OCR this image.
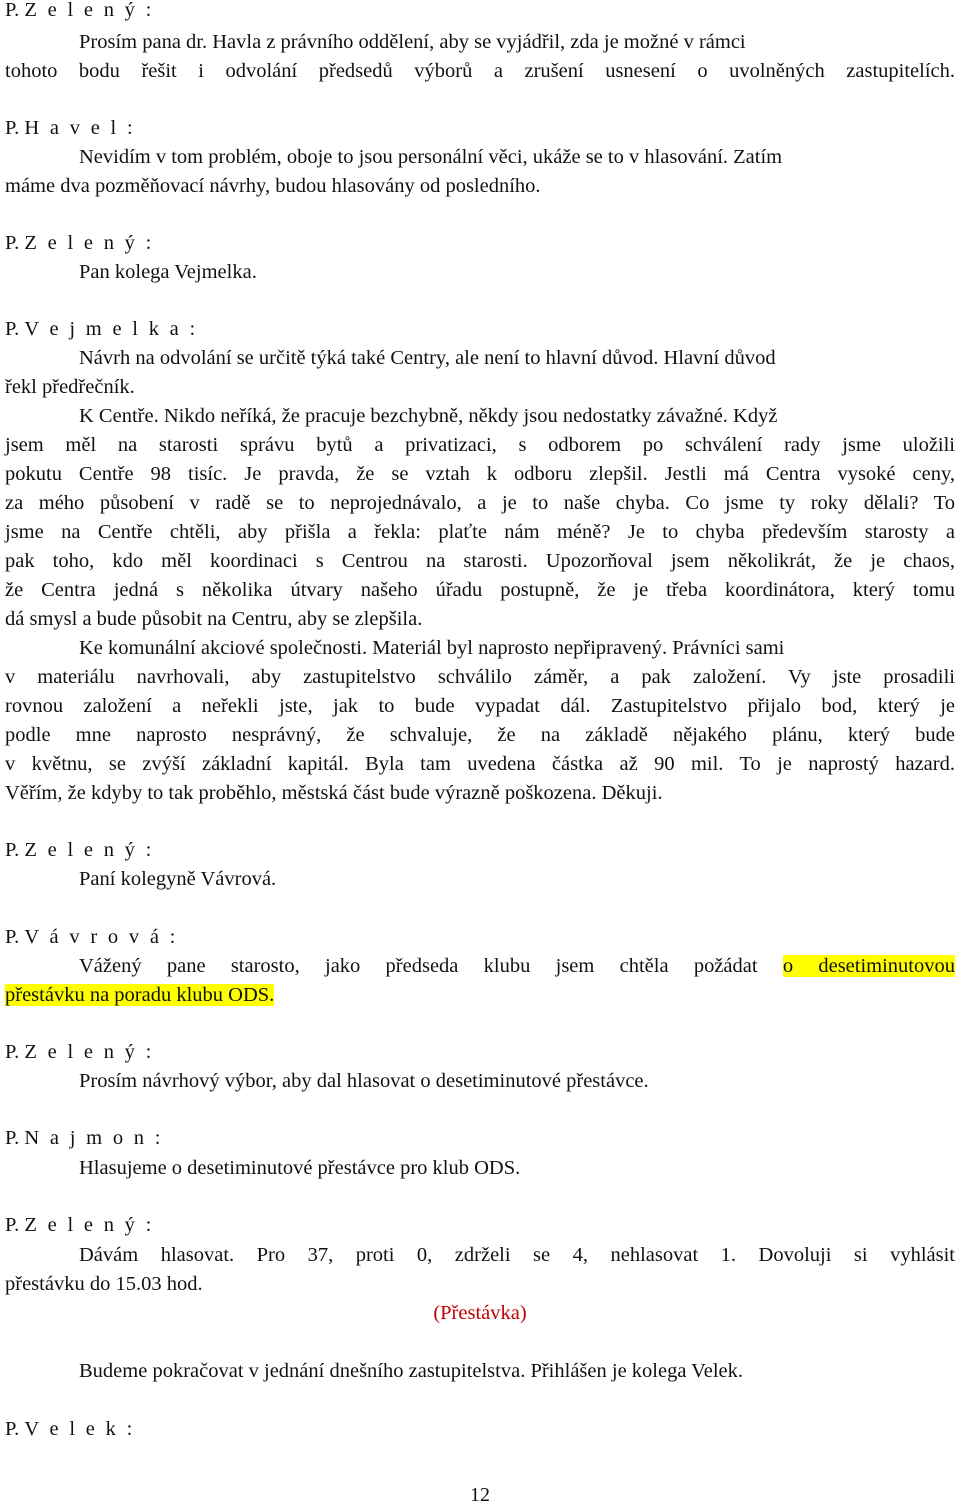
P. Z e l e n ý :
Prosím pana dr. Havla z právního oddělení, aby se vyjádřil, zda je možné v rámci
tohoto bodu řešit i odvolání předsedů výborů a zrušení usnesení o uvolněných zastupitelích.
P. H a v e l :
Nevidím v tom problém, oboje to jsou personální věci, ukáže se to v hlasování. Zatím
máme dva pozměňovací návrhy, budou hlasovány od posledního.
P. Z e l e n ý :
Pan kolega Vejmelka.
P. V e j m e l k a :
Návrh na odvolání se určitě týká také Centry, ale není to hlavní důvod. Hlavní důvod
řekl předřečník.
K Centře. Nikdo neříká, že pracuje bezchybně, někdy jsou nedostatky závažné. Když
jsem měl na starosti správu bytů a privatizaci, s odborem po schválení rady jsme uložili
pokutu Centře 98 tisíc. Je pravda, že se vztah k odboru zlepšil. Jestli má Centra vysoké ceny,
za mého působení v radě se to neprojednávalo, a je to naše chyba. Co jsme ty roky dělali? To
jsme na Centře chtěli, aby přišla a řekla: plaťte nám méně? Je to chyba především starosty a
pak toho, kdo měl koordinaci s Centrou na starosti. Upozorňoval jsem několikrát, že je chaos,
že Centra jedná s několika útvary našeho úřadu postupně, že je třeba koordinátora, který tomu
dá smysl a bude působit na Centru, aby se zlepšila.
Ke komunální akciové společnosti. Materiál byl naprosto nepřipravený. Právníci sami
v materiálu navrhovali, aby zastupitelstvo schválilo záměr, a pak založení. Vy jste prosadili
rovnou založení a neřekli jste, jak to bude vypadat dál. Zastupitelstvo přijalo bod, který je
podle mne naprosto nesprávný, že schvaluje, že na základě nějakého plánu, který bude
v květnu, se zvýší základní kapitál. Byla tam uvedena částka až 90 mil. To je naprostý hazard.
Věřím, že kdyby to tak proběhlo, městská část bude výrazně poškozena. Děkuji.
P. Z e l e n ý :
Paní kolegyně Vávrová.
P. V á v r o v á :
Vážený pane starosto, jako předseda klubu jsem chtěla požádat o desetiminutovou
přestávku na poradu klubu ODS.
P. Z e l e n ý :
Prosím návrhový výbor, aby dal hlasovat o desetiminutové přestávce.
P. N a j m o n :
Hlasujeme o desetiminutové přestávce pro klub ODS.
P. Z e l e n ý :
Dávám hlasovat. Pro 37, proti 0, zdrželi se 4, nehlasovat 1. Dovoluji si vyhlásit
přestávku do 15.03 hod.
(Přestávka)
Budeme pokračovat v jednání dnešního zastupitelstva. Přihlášen je kolega Velek.
P. V e l e k :
12
